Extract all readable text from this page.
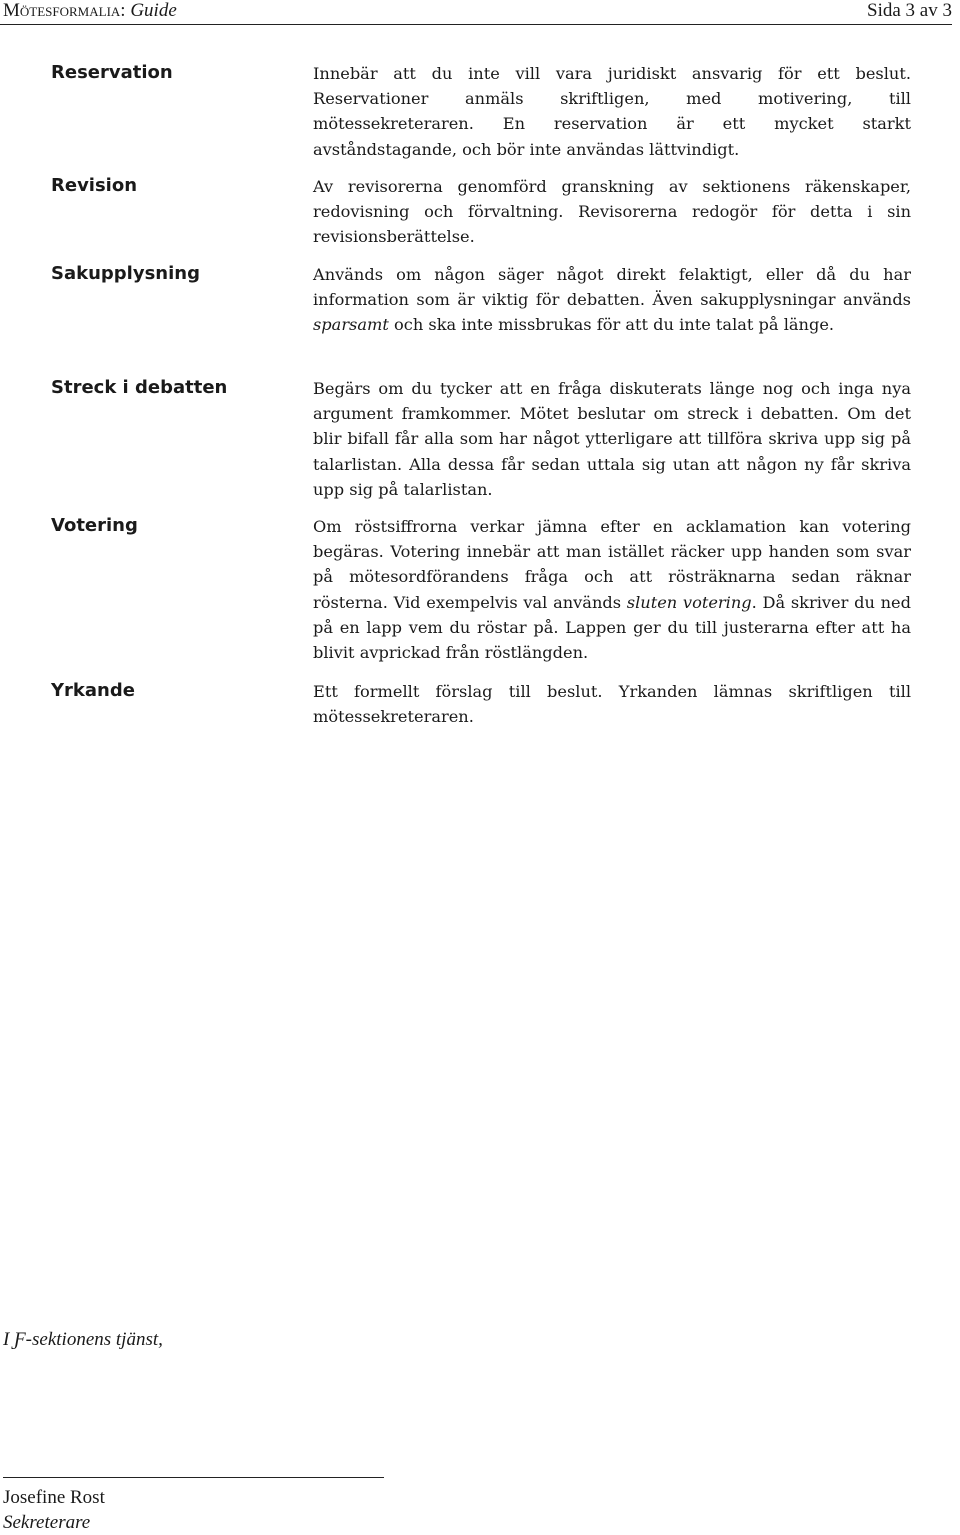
Mötesformalia: Guide	Sida 3 av 3
Reservation	Innebär att du inte vill vara juridiskt ansvarig för ett beslut. Reservationer anmäls skriftligen, med motivering, till mötessekreteraren. En reservation är ett mycket starkt avståndstagande, och bör inte användas lättvindigt.
Revision	Av revisorerna genomförd granskning av sektionens räkenskaper, redovisning och förvaltning. Revisorerna redogör för detta i sin revisionsberättelse.
Sakupplysning	Används om någon säger något direkt felaktigt, eller då du har information som är viktig för debatten. Även sakupplysningar används sparsamt och ska inte missbrukas för att du inte talat på länge.
Streck i debatten	Begärs om du tycker att en fråga diskuterats länge nog och inga nya argument framkommer. Mötet beslutar om streck i debatten. Om det blir bifall får alla som har något ytterligare att tillföra skriva upp sig på talarlistan. Alla dessa får sedan uttala sig utan att någon ny får skriva upp sig på talarlistan.
Votering	Om röstsiffrorna verkar jämna efter en acklamation kan votering begäras. Votering innebär att man istället räcker upp handen som svar på mötesordförandens fråga och att rösträknarna sedan räknar rösterna. Vid exempelvis val används sluten votering. Då skriver du ned på en lapp vem du röstar på. Lappen ger du till justerarna efter att ha blivit avprickad från röstlängden.
Yrkande	Ett formellt förslag till beslut. Yrkanden lämnas skriftligen till mötessekreteraren.
I Ƒ-sektionens tjänst,
Josefine Rost
Sekreterare
